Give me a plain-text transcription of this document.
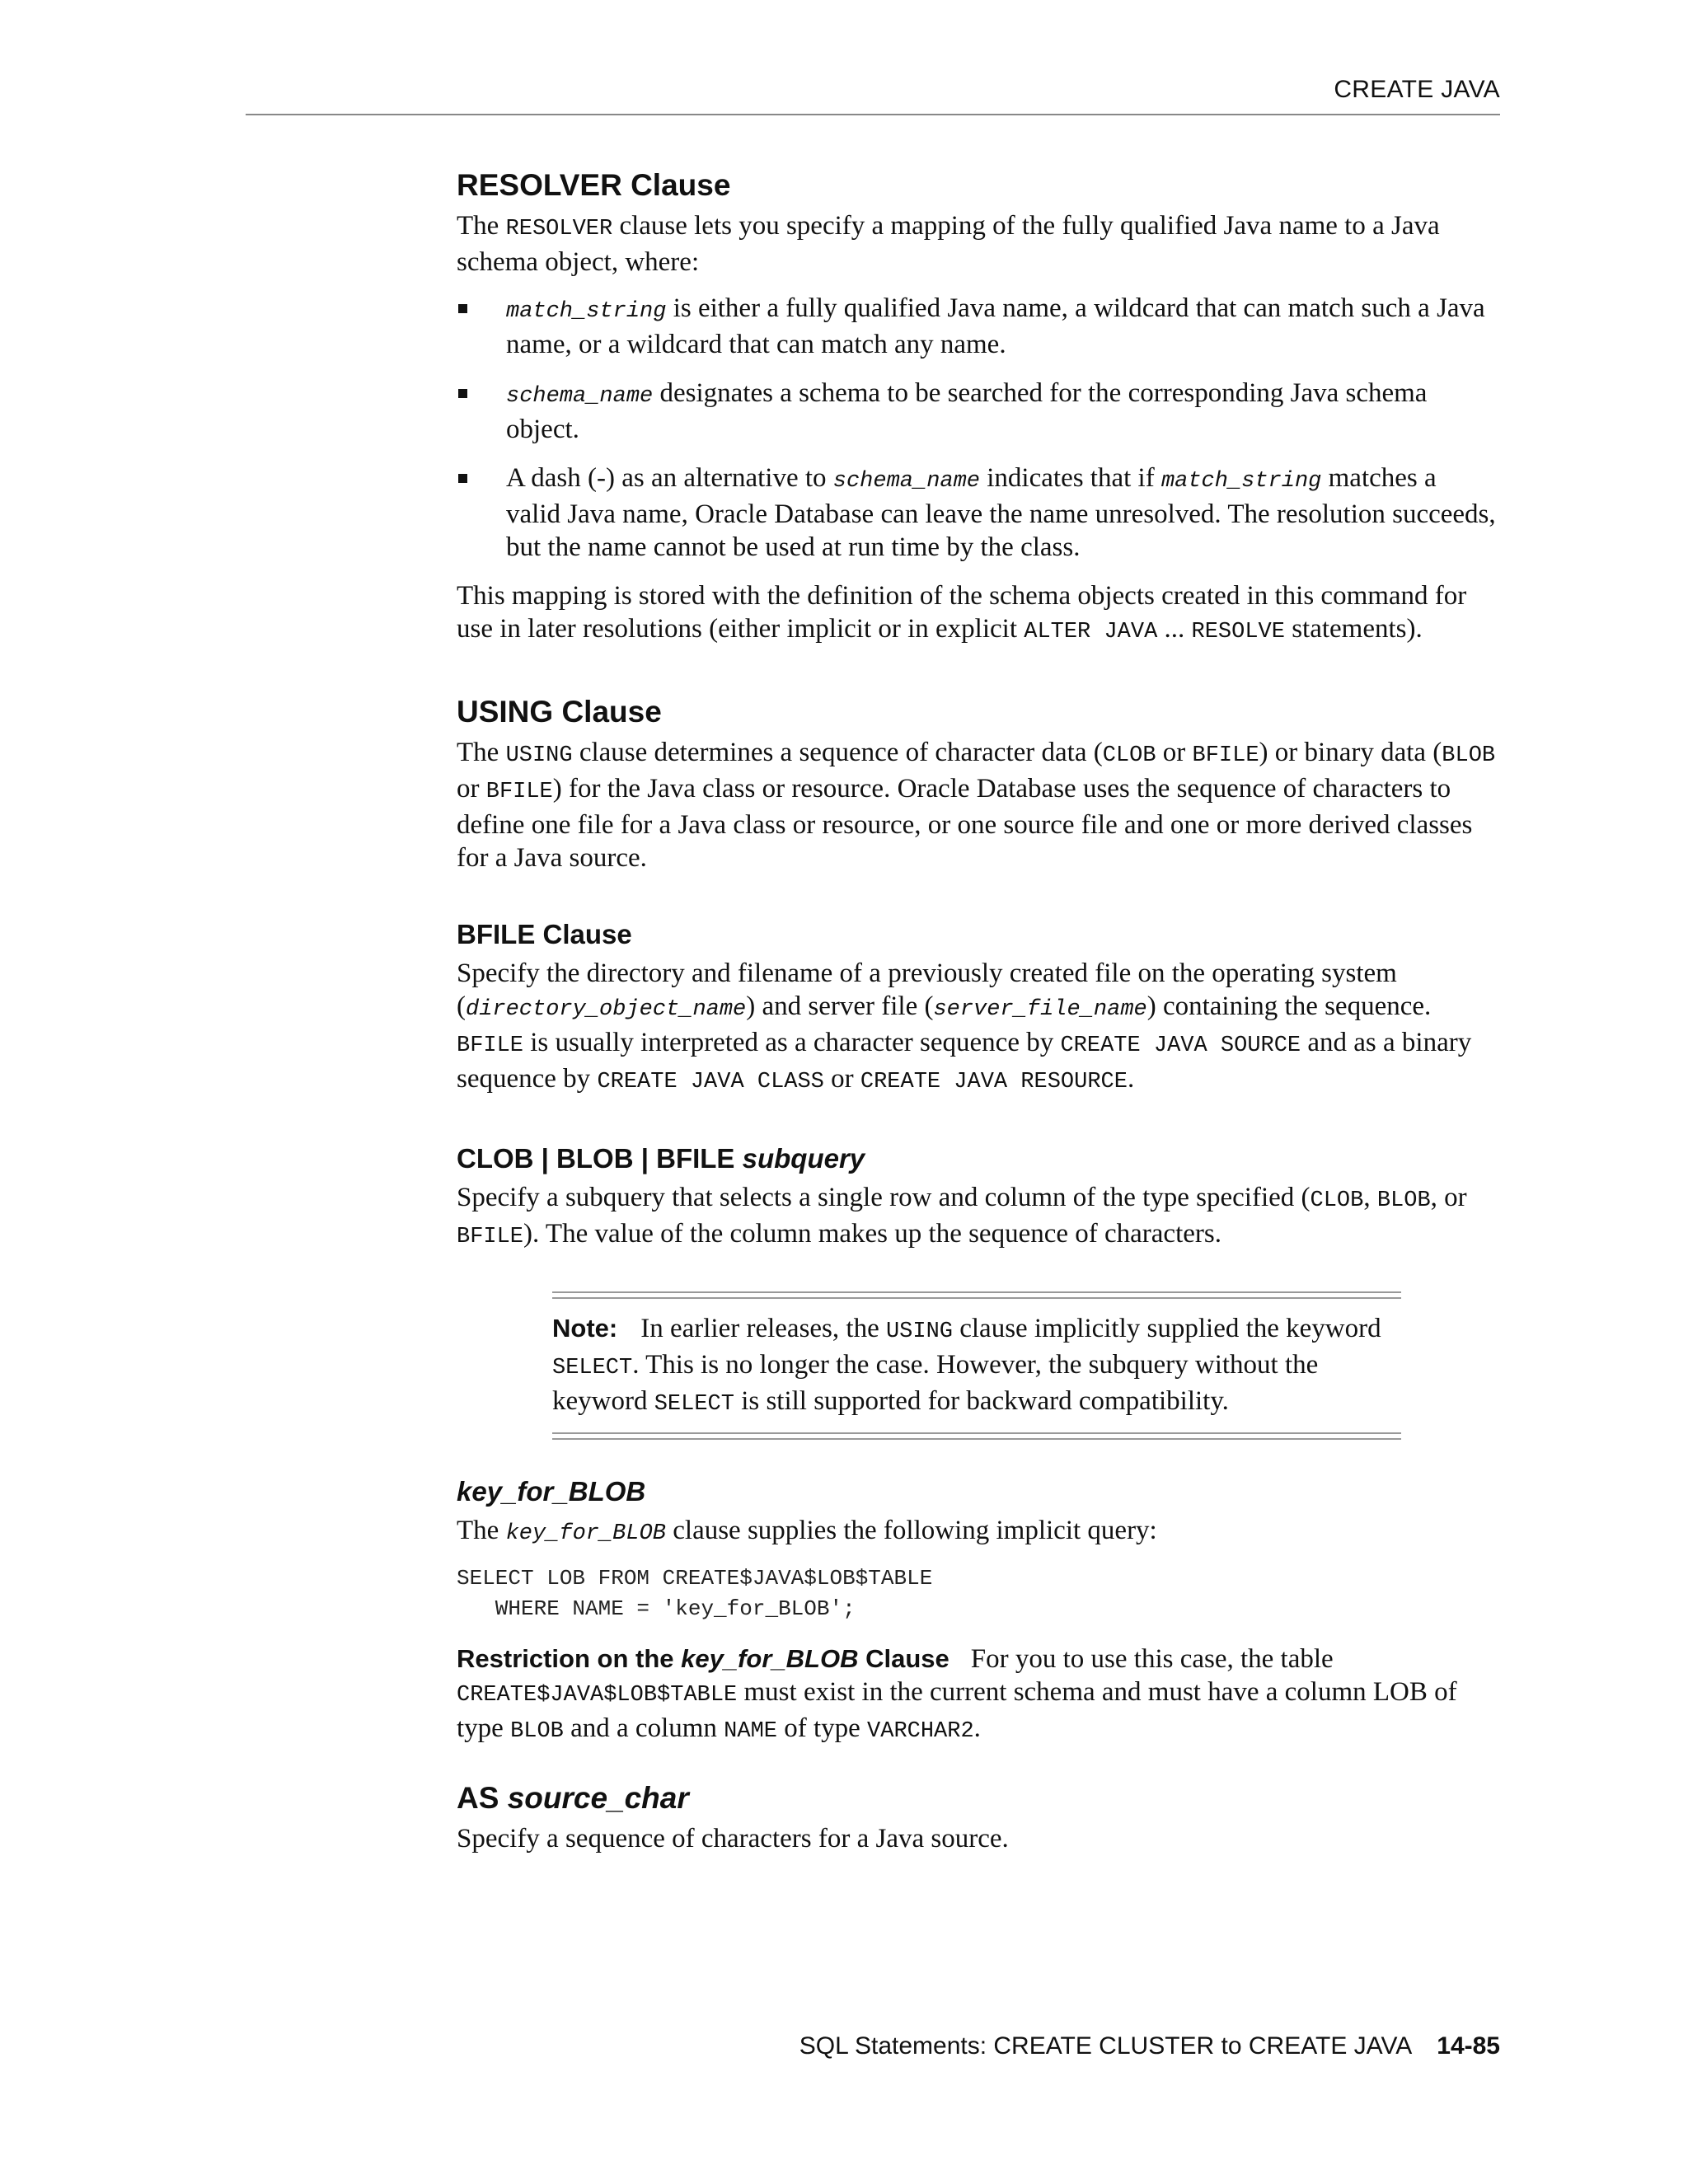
CREATE JAVA
RESOLVER Clause

The RESOLVER clause lets you specify a mapping of the fully qualified Java name to a Java schema object, where:

match_string is either a fully qualified Java name, a wildcard that can match such a Java name, or a wildcard that can match any name.
schema_name designates a schema to be searched for the corresponding Java schema object.
A dash (-) as an alternative to schema_name indicates that if match_string matches a valid Java name, Oracle Database can leave the name unresolved. The resolution succeeds, but the name cannot be used at run time by the class.

This mapping is stored with the definition of the schema objects created in this command for use in later resolutions (either implicit or in explicit ALTER JAVA ... RESOLVE statements).

USING Clause

The USING clause determines a sequence of character data (CLOB or BFILE) or binary data (BLOB or BFILE) for the Java class or resource. Oracle Database uses the sequence of characters to define one file for a Java class or resource, or one source file and one or more derived classes for a Java source.

BFILE Clause

Specify the directory and filename of a previously created file on the operating system (directory_object_name) and server file (server_file_name) containing the sequence. BFILE is usually interpreted as a character sequence by CREATE JAVA SOURCE and as a binary sequence by CREATE JAVA CLASS or CREATE JAVA RESOURCE.

CLOB | BLOB | BFILE subquery

Specify a subquery that selects a single row and column of the type specified (CLOB, BLOB, or BFILE). The value of the column makes up the sequence of characters.

Note: In earlier releases, the USING clause implicitly supplied the keyword SELECT. This is no longer the case. However, the subquery without the keyword SELECT is still supported for backward compatibility.
key_for_BLOB

The key_for_BLOB clause supplies the following implicit query:

SELECT LOB FROM CREATE$JAVA$LOB$TABLE
WHERE NAME = 'key_for_BLOB';

Restriction on the key_for_BLOB Clause For you to use this case, the table CREATE$JAVA$LOB$TABLE must exist in the current schema and must have a column LOB of type BLOB and a column NAME of type VARCHAR2.

AS source_char

Specify a sequence of characters for a Java source.

SQL Statements: CREATE CLUSTER to CREATE JAVA 14-85
